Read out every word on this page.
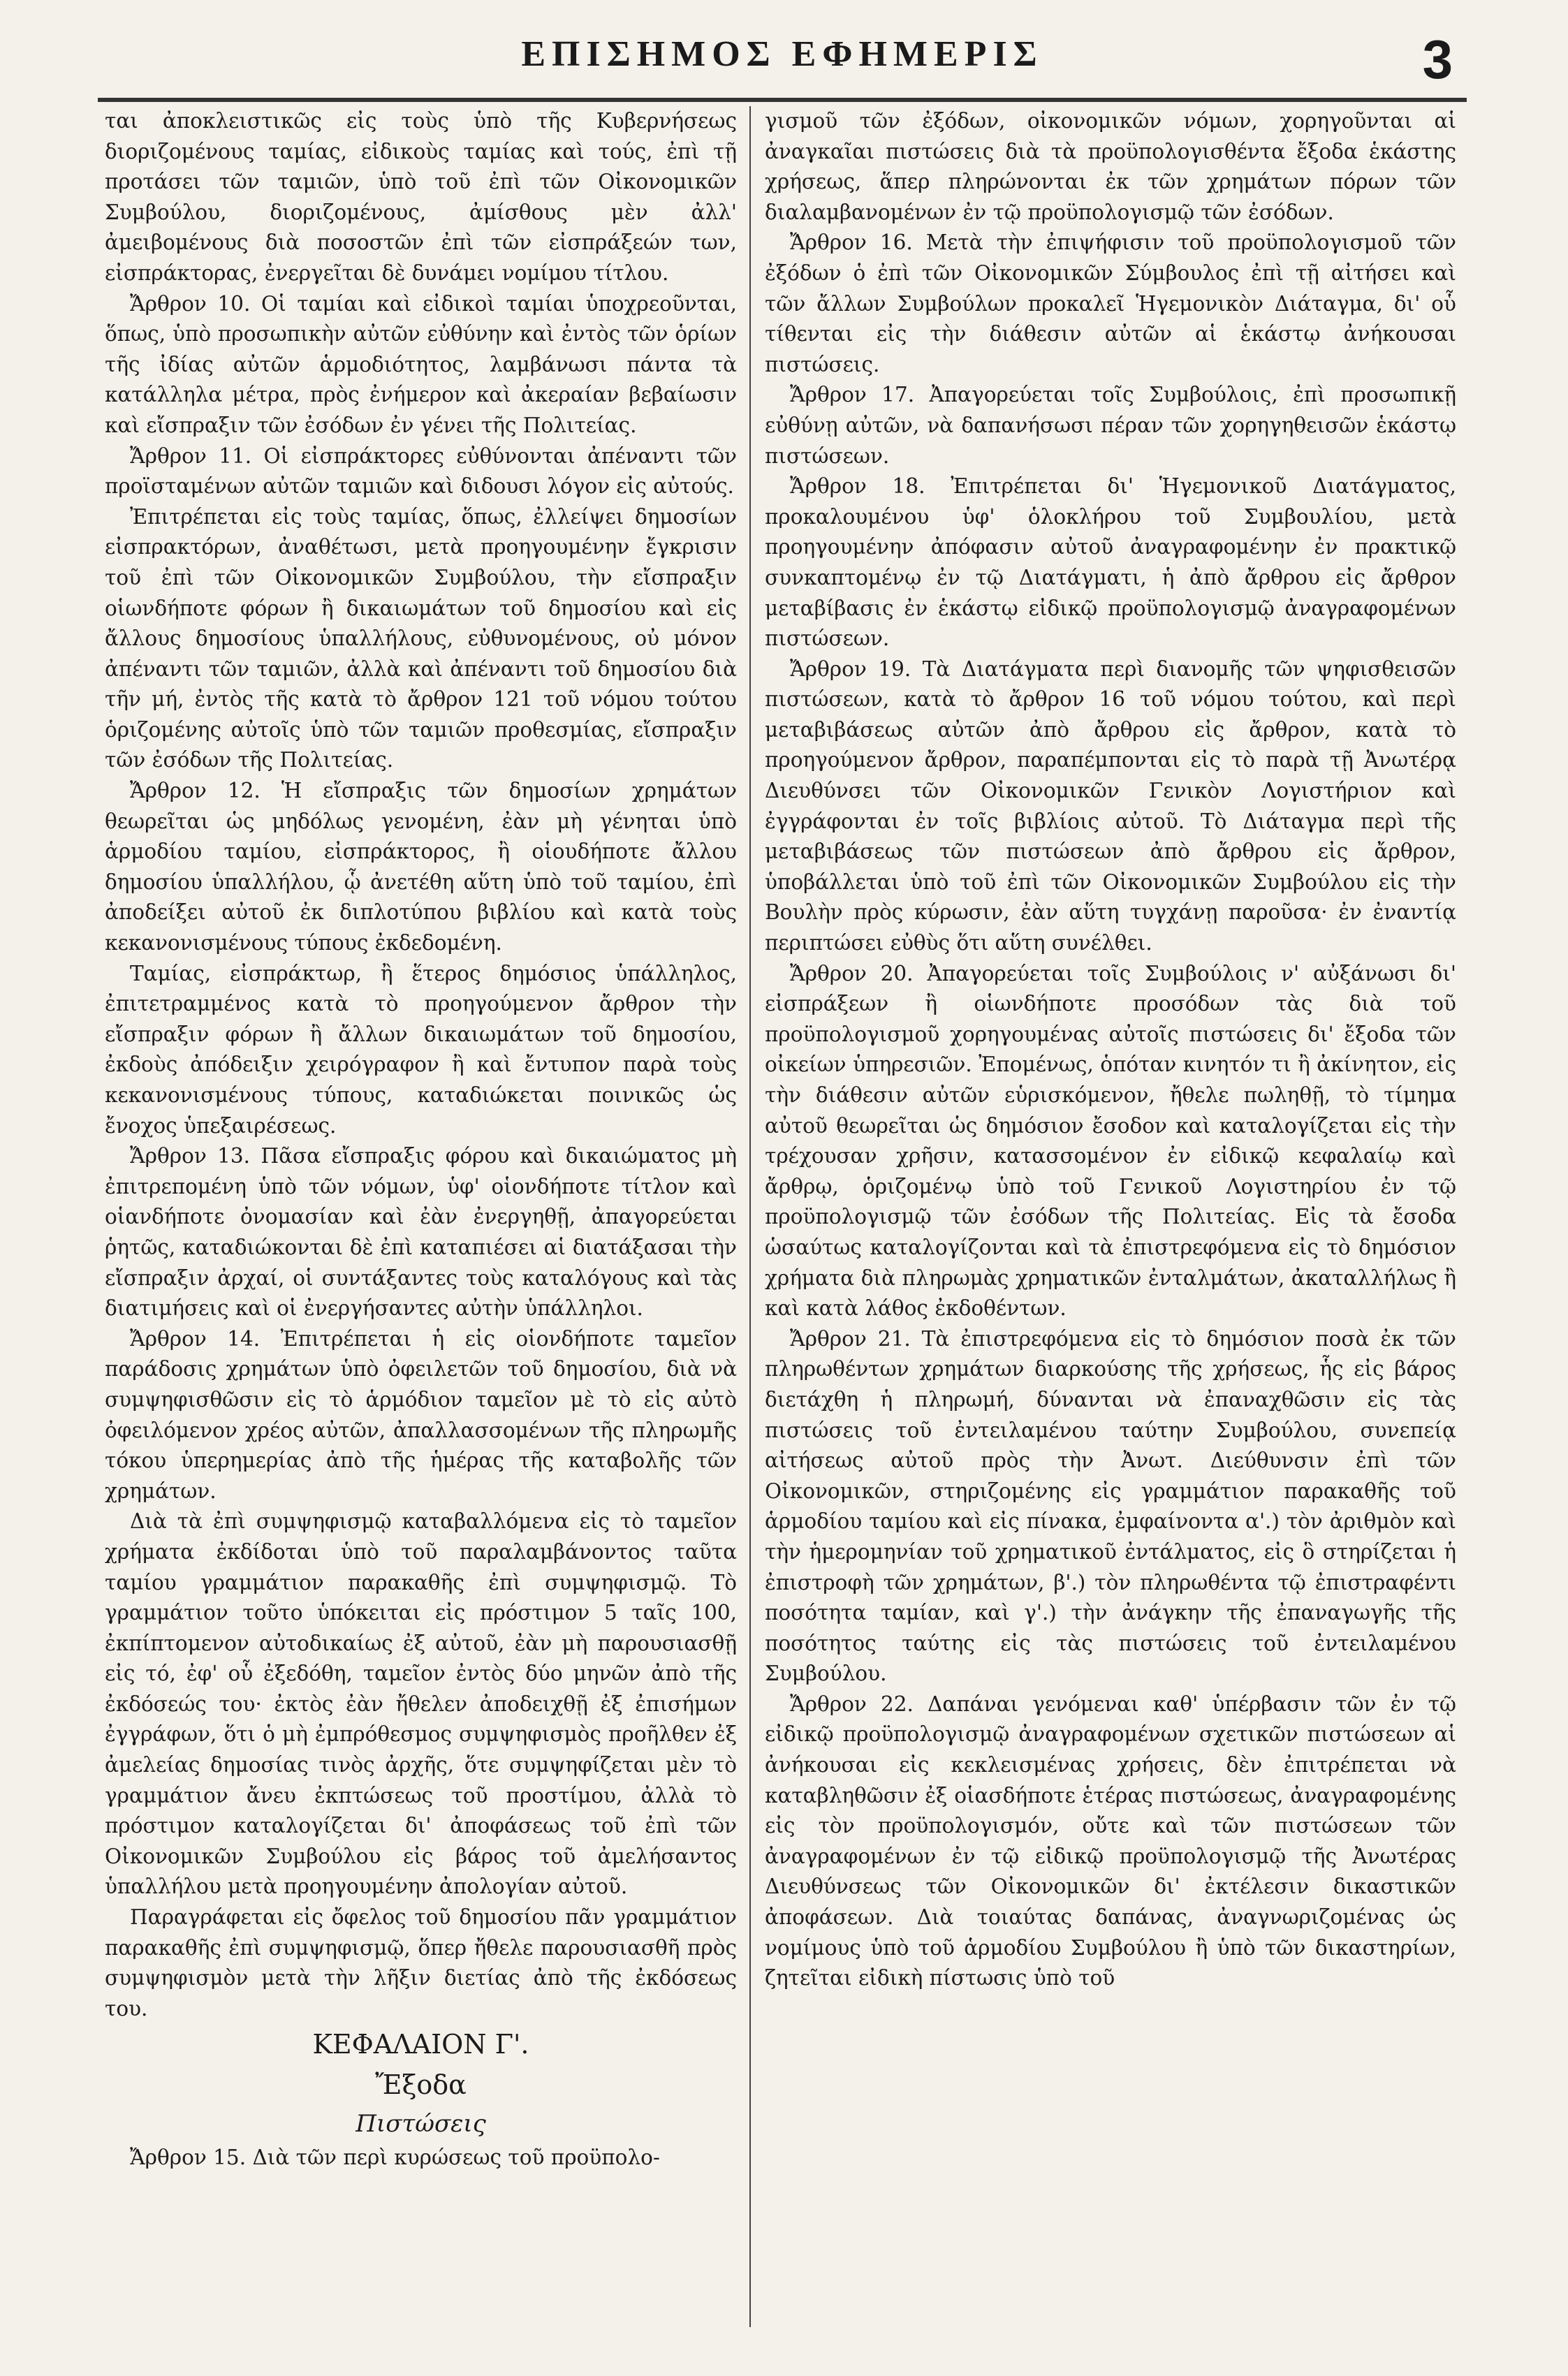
ΕΠΙΣΗΜΟΣ ΕΦΗΜΕΡΙΣ	3

ται ἀποκλειστικῶς εἰς τοὺς ὑπὸ τῆς Κυβερνήσεως διοριζομένους ταμίας, εἰδικοὺς ταμίας καὶ τούς, ἐπὶ τῇ προτάσει τῶν ταμιῶν, ὑπὸ τοῦ ἐπὶ τῶν Οἰκονομικῶν Συμβούλου, διοριζομένους, ἀμίσθους μὲν ἀλλ' ἀμειβομένους διὰ ποσοστῶν ἐπὶ τῶν εἰσπράξεών των, εἰσπράκτορας, ἐνεργεῖται δὲ δυνάμει νομίμου τίτλου.

Ἄρθρον 10. Οἱ ταμίαι καὶ εἰδικοὶ ταμίαι ὑποχρεοῦνται, ὅπως, ὑπὸ προσωπικὴν αὐτῶν εὐθύνην καὶ ἐντὸς τῶν ὁρίων τῆς ἰδίας αὐτῶν ἁρμοδιότητος, λαμβάνωσι πάντα τὰ κατάλληλα μέτρα, πρὸς ἐνήμερον καὶ ἀκεραίαν βεβαίωσιν καὶ εἴσπραξιν τῶν ἐσόδων ἐν γένει τῆς Πολιτείας.

Ἄρθρον 11. Οἱ εἰσπράκτορες εὐθύνονται ἀπέναντι τῶν προϊσταμένων αὐτῶν ταμιῶν καὶ διδουσι λόγον εἰς αὐτούς.

Ἐπιτρέπεται εἰς τοὺς ταμίας, ὅπως, ἐλλείψει δημοσίων εἰσπρακτόρων, ἀναθέτωσι, μετὰ προηγουμένην ἔγκρισιν τοῦ ἐπὶ τῶν Οἰκονομικῶν Συμβούλου, τὴν εἴσπραξιν οἱωνδήποτε φόρων ἢ δικαιωμάτων τοῦ δημοσίου καὶ εἰς ἄλλους δημοσίους ὑπαλλήλους, εὐθυνομένους, οὐ μόνον ἀπέναντι τῶν ταμιῶν, ἀλλὰ καὶ ἀπέναντι τοῦ δημοσίου διὰ τῆν μή, ἐντὸς τῆς κατὰ τὸ ἄρθρον 121 τοῦ νόμου τούτου ὁριζομένης αὐτοῖς ὑπὸ τῶν ταμιῶν προθεσμίας, εἴσπραξιν τῶν ἐσόδων τῆς Πολιτείας.

Ἄρθρον 12. Ἡ εἴσπραξις τῶν δημοσίων χρημάτων θεωρεῖται ὡς μηδόλως γενομένη, ἐὰν μὴ γένηται ὑπὸ ἁρμοδίου ταμίου, εἰσπράκτορος, ἢ οἱουδήποτε ἄλλου δημοσίου ὑπαλλήλου, ᾧ ἀνετέθη αὕτη ὑπὸ τοῦ ταμίου, ἐπὶ ἀποδείξει αὐτοῦ ἐκ διπλοτύπου βιβλίου καὶ κατὰ τοὺς κεκανονισμένους τύπους ἐκδεδομένη.

Ταμίας, εἰσπράκτωρ, ἢ ἕτερος δημόσιος ὑπάλληλος, ἐπιτετραμμένος κατὰ τὸ προηγούμενον ἄρθρον τὴν εἴσπραξιν φόρων ἢ ἄλλων δικαιωμάτων τοῦ δημοσίου, ἐκδοὺς ἀπόδειξιν χειρόγραφον ἢ καὶ ἔντυπον παρὰ τοὺς κεκανονισμένους τύπους, καταδιώκεται ποινικῶς ὡς ἔνοχος ὑπεξαιρέσεως.

Ἄρθρον 13. Πᾶσα εἴσπραξις φόρου καὶ δικαιώματος μὴ ἐπιτρεπομένη ὑπὸ τῶν νόμων, ὑφ' οἱονδήποτε τίτλον καὶ οἱανδήποτε ὀνομασίαν καὶ ἐὰν ἐνεργηθῇ, ἀπαγορεύεται ῥητῶς, καταδιώκονται δὲ ἐπὶ καταπιέσει αἱ διατάξασαι τὴν εἴσπραξιν ἀρχαί, οἱ συντάξαντες τοὺς καταλόγους καὶ τὰς διατιμήσεις καὶ οἱ ἐνεργήσαντες αὐτὴν ὑπάλληλοι.

Ἄρθρον 14. Ἐπιτρέπεται ἡ εἰς οἱονδήποτε ταμεῖον παράδοσις χρημάτων ὑπὸ ὀφειλετῶν τοῦ δημοσίου, διὰ νὰ συμψηφισθῶσιν εἰς τὸ ἁρμόδιον ταμεῖον μὲ τὸ εἰς αὐτὸ ὀφειλόμενον χρέος αὐτῶν, ἀπαλλασσομένων τῆς πληρωμῆς τόκου ὑπερημερίας ἀπὸ τῆς ἡμέρας τῆς καταβολῆς τῶν χρημάτων.

Διὰ τὰ ἐπὶ συμψηφισμῷ καταβαλλόμενα εἰς τὸ ταμεῖον χρήματα ἐκδίδοται ὑπὸ τοῦ παραλαμβάνοντος ταῦτα ταμίου γραμμάτιον παρακαθῆς ἐπὶ συμψηφισμῷ. Τὸ γραμμάτιον τοῦτο ὑπόκειται εἰς πρόστιμον 5 ταῖς 100, ἐκπίπτομενον αὐτοδικαίως ἐξ αὐτοῦ, ἐὰν μὴ παρουσιασθῇ εἰς τό, ἐφ' οὗ ἐξεδόθη, ταμεῖον ἐντὸς δύο μηνῶν ἀπὸ τῆς ἐκδόσεώς του· ἐκτὸς ἐὰν ἤθελεν ἀποδειχθῇ ἐξ ἐπισήμων ἐγγράφων, ὅτι ὁ μὴ ἐμπρόθεσμος συμψηφισμὸς προῆλθεν ἐξ ἀμελείας δημοσίας τινὸς ἀρχῆς, ὅτε συμψηφίζεται μὲν τὸ γραμμάτιον ἄνευ ἐκπτώσεως τοῦ προστίμου, ἀλλὰ τὸ πρόστιμον καταλογίζεται δι' ἀποφάσεως τοῦ ἐπὶ τῶν Οἰκονομικῶν Συμβούλου εἰς βάρος τοῦ ἀμελήσαντος ὑπαλλήλου μετὰ προηγουμένην ἀπολογίαν αὐτοῦ.

Παραγράφεται εἰς ὄφελος τοῦ δημοσίου πᾶν γραμμάτιον παρακαθῆς ἐπὶ συμψηφισμῷ, ὅπερ ἤθελε παρουσιασθῆ πρὸς συμψηφισμὸν μετὰ τὴν λῆξιν διετίας ἀπὸ τῆς ἐκδόσεως του.

ΚΕΦΑΛΑΙΟΝ Γ'.

Ἔξοδα

Πιστώσεις

Ἄρθρον 15. Διὰ τῶν περὶ κυρώσεως τοῦ προϋπολο-

γισμοῦ τῶν ἐξόδων, οἰκονομικῶν νόμων, χορηγοῦνται αἱ ἀναγκαῖαι πιστώσεις διὰ τὰ προϋπολογισθέντα ἔξοδα ἑκάστης χρήσεως, ἅπερ πληρώνονται ἐκ τῶν χρημάτων πόρων τῶν διαλαμβανομένων ἐν τῷ προϋπολογισμῷ τῶν ἐσόδων.

Ἄρθρον 16. Μετὰ τὴν ἐπιψήφισιν τοῦ προϋπολογισμοῦ τῶν ἐξόδων ὁ ἐπὶ τῶν Οἰκονομικῶν Σύμβουλος ἐπὶ τῇ αἰτήσει καὶ τῶν ἄλλων Συμβούλων προκαλεῖ Ἡγεμονικὸν Διάταγμα, δι' οὗ τίθενται εἰς τὴν διάθεσιν αὐτῶν αἱ ἑκάστῳ ἀνήκουσαι πιστώσεις.

Ἄρθρον 17. Ἀπαγορεύεται τοῖς Συμβούλοις, ἐπὶ προσωπικῇ εὐθύνῃ αὐτῶν, νὰ δαπανήσωσι πέραν τῶν χορηγηθεισῶν ἑκάστῳ πιστώσεων.

Ἄρθρον 18. Ἐπιτρέπεται δι' Ἡγεμονικοῦ Διατάγματος, προκαλουμένου ὑφ' ὁλοκλήρου τοῦ Συμβουλίου, μετὰ προηγουμένην ἀπόφασιν αὐτοῦ ἀναγραφομένην ἐν πρακτικῷ συνκαπτομένῳ ἐν τῷ Διατάγματι, ἡ ἀπὸ ἄρθρου εἰς ἄρθρον μεταβίβασις ἐν ἑκάστῳ εἰδικῷ προϋπολογισμῷ ἀναγραφομένων πιστώσεων.

Ἄρθρον 19. Τὰ Διατάγματα περὶ διανομῆς τῶν ψηφισθεισῶν πιστώσεων, κατὰ τὸ ἄρθρον 16 τοῦ νόμου τούτου, καὶ περὶ μεταβιβάσεως αὐτῶν ἀπὸ ἄρθρου εἰς ἄρθρον, κατὰ τὸ προηγούμενον ἄρθρον, παραπέμπονται εἰς τὸ παρὰ τῇ Ἀνωτέρᾳ Διευθύνσει τῶν Οἰκονομικῶν Γενικὸν Λογιστήριον καὶ ἐγγράφονται ἐν τοῖς βιβλίοις αὐτοῦ. Τὸ Διάταγμα περὶ τῆς μεταβιβάσεως τῶν πιστώσεων ἀπὸ ἄρθρου εἰς ἄρθρον, ὑποβάλλεται ὑπὸ τοῦ ἐπὶ τῶν Οἰκονομικῶν Συμβούλου εἰς τὴν Βουλὴν πρὸς κύρωσιν, ἐὰν αὕτη τυγχάνῃ παροῦσα· ἐν ἐναντίᾳ περιπτώσει εὐθὺς ὅτι αὕτη συνέλθει.

Ἄρθρον 20. Ἀπαγορεύεται τοῖς Συμβούλοις ν' αὐξάνωσι δι' εἰσπράξεων ἢ οἱωνδήποτε προσόδων τὰς διὰ τοῦ προϋπολογισμοῦ χορηγουμένας αὐτοῖς πιστώσεις δι' ἔξοδα τῶν οἰκείων ὑπηρεσιῶν. Ἐπομένως, ὁπόταν κινητόν τι ἢ ἀκίνητον, εἰς τὴν διάθεσιν αὐτῶν εὑρισκόμενον, ἤθελε πωληθῇ, τὸ τίμημα αὐτοῦ θεωρεῖται ὡς δημόσιον ἔσοδον καὶ καταλογίζεται εἰς τὴν τρέχουσαν χρῆσιν, κατασσομένον ἐν εἰδικῷ κεφαλαίῳ καὶ ἄρθρῳ, ὁριζομένῳ ὑπὸ τοῦ Γενικοῦ Λογιστηρίου ἐν τῷ προϋπολογισμῷ τῶν ἐσόδων τῆς Πολιτείας. Εἰς τὰ ἔσοδα ὡσαύτως καταλογίζονται καὶ τὰ ἐπιστρεφόμενα εἰς τὸ δημόσιον χρήματα διὰ πληρωμὰς χρηματικῶν ἐνταλμάτων, ἀκαταλλήλως ἢ καὶ κατὰ λάθος ἐκδοθέντων.

Ἄρθρον 21. Τὰ ἐπιστρεφόμενα εἰς τὸ δημόσιον ποσὰ ἐκ τῶν πληρωθέντων χρημάτων διαρκούσης τῆς χρήσεως, ἧς εἰς βάρος διετάχθη ἡ πληρωμή, δύνανται νὰ ἐπαναχθῶσιν εἰς τὰς πιστώσεις τοῦ ἐντειλαμένου ταύτην Συμβούλου, συνεπείᾳ αἰτήσεως αὐτοῦ πρὸς τὴν Ἀνωτ. Διεύθυνσιν ἐπὶ τῶν Οἰκονομικῶν, στηριζομένης εἰς γραμμάτιον παρακαθῆς τοῦ ἁρμοδίου ταμίου καὶ εἰς πίνακα, ἐμφαίνοντα α'.) τὸν ἀριθμὸν καὶ τὴν ἡμερομηνίαν τοῦ χρηματικοῦ ἐντάλματος, εἰς ὃ στηρίζεται ἡ ἐπιστροφὴ τῶν χρημάτων, β'.) τὸν πληρωθέντα τῷ ἐπιστραφέντι ποσότητα ταμίαν, καὶ γ'.) τὴν ἀνάγκην τῆς ἐπαναγωγῆς τῆς ποσότητος ταύτης εἰς τὰς πιστώσεις τοῦ ἐντειλαμένου Συμβούλου.

Ἄρθρον 22. Δαπάναι γενόμεναι καθ' ὑπέρβασιν τῶν ἐν τῷ εἰδικῷ προϋπολογισμῷ ἀναγραφομένων σχετικῶν πιστώσεων αἱ ἀνήκουσαι εἰς κεκλεισμένας χρήσεις, δὲν ἐπιτρέπεται νὰ καταβληθῶσιν ἐξ οἱασδήποτε ἑτέρας πιστώσεως, ἀναγραφομένης εἰς τὸν προϋπολογισμόν, οὔτε καὶ τῶν πιστώσεων τῶν ἀναγραφομένων ἐν τῷ εἰδικῷ προϋπολογισμῷ τῆς Ἀνωτέρας Διευθύνσεως τῶν Οἰκονομικῶν δι' ἐκτέλεσιν δικαστικῶν ἀποφάσεων. Διὰ τοιαύτας δαπάνας, ἀναγνωριζομένας ὡς νομίμους ὑπὸ τοῦ ἁρμοδίου Συμβούλου ἢ ὑπὸ τῶν δικαστηρίων, ζητεῖται εἰδικὴ πίστωσις ὑπὸ τοῦ
